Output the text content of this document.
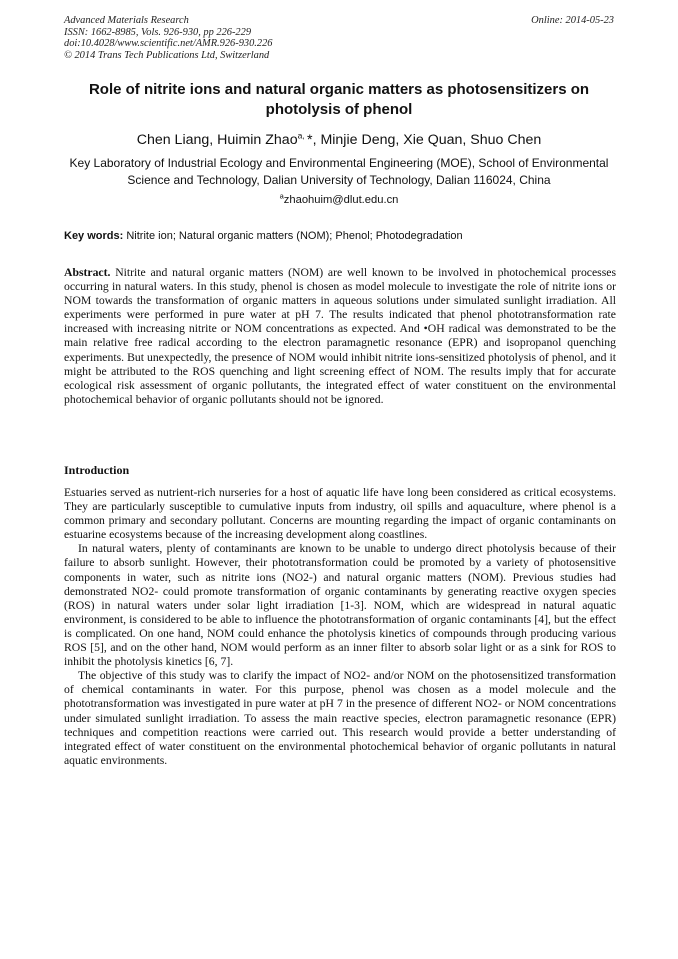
Advanced Materials Research
ISSN: 1662-8985, Vols. 926-930, pp 226-229
doi:10.4028/www.scientific.net/AMR.926-930.226
© 2014 Trans Tech Publications Ltd, Switzerland
Online: 2014-05-23
Role of nitrite ions and natural organic matters as photosensitizers on photolysis of phenol
Chen Liang, Huimin Zhao$^{a,}$ *, Minjie Deng, Xie Quan, Shuo Chen
Key Laboratory of Industrial Ecology and Environmental Engineering (MOE), School of Environmental Science and Technology, Dalian University of Technology, Dalian 116024, China
$^a$zhaohuim@dlut.edu.cn
Key words: Nitrite ion; Natural organic matters (NOM); Phenol; Photodegradation
Abstract. Nitrite and natural organic matters (NOM) are well known to be involved in photochemical processes occurring in natural waters. In this study, phenol is chosen as model molecule to investigate the role of nitrite ions or NOM towards the transformation of organic matters in aqueous solutions under simulated sunlight irradiation. All experiments were performed in pure water at pH 7. The results indicated that phenol phototransformation rate increased with increasing nitrite or NOM concentrations as expected. And •OH radical was demonstrated to be the main relative free radical according to the electron paramagnetic resonance (EPR) and isopropanol quenching experiments. But unexpectedly, the presence of NOM would inhibit nitrite ions-sensitized photolysis of phenol, and it might be attributed to the ROS quenching and light screening effect of NOM. The results imply that for accurate ecological risk assessment of organic pollutants, the integrated effect of water constituent on the environmental photochemical behavior of organic pollutants should not be ignored.
Introduction

Estuaries served as nutrient-rich nurseries for a host of aquatic life have long been considered as critical ecosystems. They are particularly susceptible to cumulative inputs from industry, oil spills and aquaculture, where phenol is a common primary and secondary pollutant. Concerns are mounting regarding the impact of organic contaminants on estuarine ecosystems because of the increasing development along coastlines.

In natural waters, plenty of contaminants are known to be unable to undergo direct photolysis because of their failure to absorb sunlight. However, their phototransformation could be promoted by a variety of photosensitive components in water, such as nitrite ions (NO2-) and natural organic matters (NOM). Previous studies had demonstrated NO2- could promote transformation of organic contaminants by generating reactive oxygen species (ROS) in natural waters under solar light irradiation [1-3]. NOM, which are widespread in natural aquatic environment, is considered to be able to influence the phototransformation of organic contaminants [4], but the effect is complicated. On one hand, NOM could enhance the photolysis kinetics of compounds through producing various ROS [5], and on the other hand, NOM would perform as an inner filter to absorb solar light or as a sink for ROS to inhibit the photolysis kinetics [6, 7].

The objective of this study was to clarify the impact of NO2- and/or NOM on the photosensitized transformation of chemical contaminants in water. For this purpose, phenol was chosen as a model molecule and the phototransformation was investigated in pure water at pH 7 in the presence of different NO2- or NOM concentrations under simulated sunlight irradiation. To assess the main reactive species, electron paramagnetic resonance (EPR) techniques and competition reactions were carried out. This research would provide a better understanding of integrated effect of water constituent on the environmental photochemical behavior of organic pollutants in natural aquatic environments.
